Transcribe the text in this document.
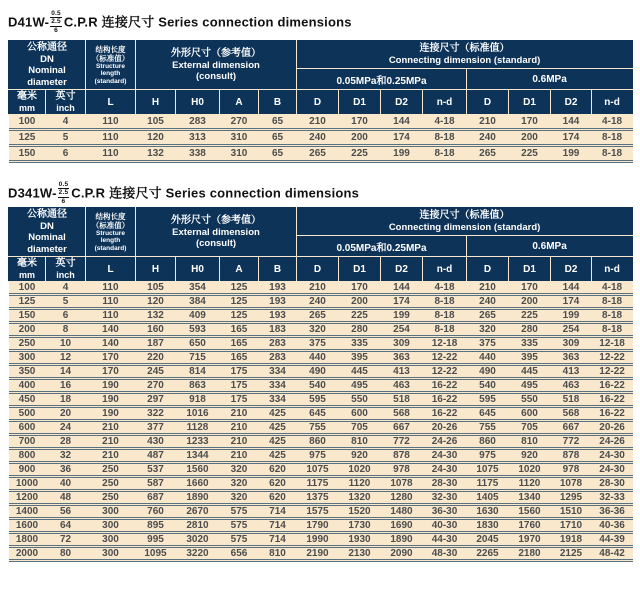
D41W-
0.5
2.5
6
C.P.R 连接尺寸 Series connection dimensions
公称通径
DN
Nominal
diameter		结构长度
（标准值）
Structure
length
(standard)	外形尺寸（参考值）
External dimension
(consult)				连接尺寸（标准值）
Connecting dimension (standard)							

							0.05MPa和0.25MPa				0.6MPa			

毫米
mm	英寸
inch	L	H	H0	A	B	D	D1	D2	n-d	D	D1	D2	n-d
100	4	110	105	283	270	65	210	170	144	4-18	210	170	144	4-18
125	5	110	120	313	310	65	240	200	174	8-18	240	200	174	8-18
150	6	110	132	338	310	65	265	225	199	8-18	265	225	199	8-18
D341W-
0.5
2.5
6
C.P.R 连接尺寸 Series connection dimensions
公称通径
DN
Nominal
diameter		结构长度
（标准值）
Structure
length
(standard)	外形尺寸（参考值）
External dimension
(consult)				连接尺寸（标准值）
Connecting dimension (standard)							

							0.05MPa和0.25MPa				0.6MPa			

毫米
mm	英寸
inch	L	H	H0	A	B	D	D1	D2	n-d	D	D1	D2	n-d
100	4	110	105	354	125	193	210	170	144	4-18	210	170	144	4-18
125	5	110	120	384	125	193	240	200	174	8-18	240	200	174	8-18
150	6	110	132	409	125	193	265	225	199	8-18	265	225	199	8-18
200	8	140	160	593	165	183	320	280	254	8-18	320	280	254	8-18
250	10	140	187	650	165	283	375	335	309	12-18	375	335	309	12-18
300	12	170	220	715	165	283	440	395	363	12-22	440	395	363	12-22
350	14	170	245	814	175	334	490	445	413	12-22	490	445	413	12-22
400	16	190	270	863	175	334	540	495	463	16-22	540	495	463	16-22
450	18	190	297	918	175	334	595	550	518	16-22	595	550	518	16-22
500	20	190	322	1016	210	425	645	600	568	16-22	645	600	568	16-22
600	24	210	377	1128	210	425	755	705	667	20-26	755	705	667	20-26
700	28	210	430	1233	210	425	860	810	772	24-26	860	810	772	24-26
800	32	210	487	1344	210	425	975	920	878	24-30	975	920	878	24-30
900	36	250	537	1560	320	620	1075	1020	978	24-30	1075	1020	978	24-30
1000	40	250	587	1660	320	620	1175	1120	1078	28-30	1175	1120	1078	28-30
1200	48	250	687	1890	320	620	1375	1320	1280	32-30	1405	1340	1295	32-33
1400	56	300	760	2670	575	714	1575	1520	1480	36-30	1630	1560	1510	36-36
1600	64	300	895	2810	575	714	1790	1730	1690	40-30	1830	1760	1710	40-36
1800	72	300	995	3020	575	714	1990	1930	1890	44-30	2045	1970	1918	44-39
2000	80	300	1095	3220	656	810	2190	2130	2090	48-30	2265	2180	2125	48-42
